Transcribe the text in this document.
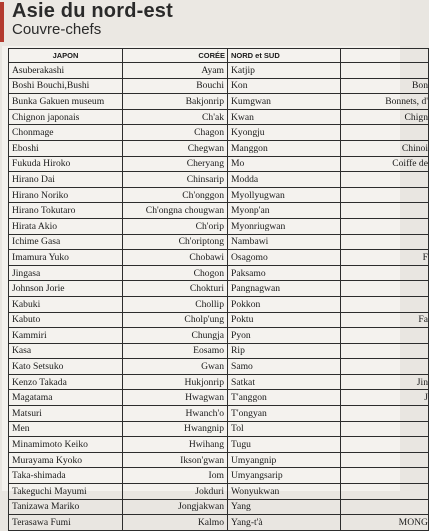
Asie du nord-est
Couvre-chefs
JAPON	CORÉE	NORD et SUD	
Asuberakashi	Ayam	Katjip	
Boshi Bouchi,Bushi	Bouchi	Kon	Bon
Bunka Gakuen museum	Bakjonrip	Kumgwan	Bonnets, d'
Chignon japonais	Ch'ak	Kwan	Chign
Chonmage	Chagon	Kyongju	
Eboshi	Chegwan	Manggon	Chinoi
Fukuda Hiroko	Cheryang	Mo	Coiffe de
Hirano Dai	Chinsarip	Modda	
Hirano Noriko	Ch'onggon	Myollyugwan	
Hirano Tokutaro	Ch'ongna chougwan	Myonp'an	
Hirata Akio	Ch'orip	Myonriugwan	
Ichime Gasa	Ch'oriptong	Nambawi	
Imamura Yuko	Chobawi	Osagomo	F
Jingasa	Chogon	Paksamo	
Johnson Jorie	Chokturi	Pangnagwan	
Kabuki	Chollip	Pokkon	
Kabuto	Cholp'ung	Poktu	Fa
Kammiri	Chungja	Pyon	
Kasa	Eosamo	Rip	
Kato Setsuko	Gwan	Samo	
Kenzo Takada	Hukjonrip	Satkat	Jin
Magatama	Hwagwan	T'anggon	J
Matsuri	Hwanch'o	T'ongyan	
Men	Hwangnip	Tol	
Minamimoto Keiko	Hwihang	Tugu	
Murayama Kyoko	Ikson'gwan	Umyangnip	
Taka-shimada	Iom	Umyangsarip	
Takeguchi Mayumi	Jokduri	Wonyukwan	
Tanizawa Mariko	Jongjakwan	Yang	
Terasawa Fumi	Kalmo	Yang-t'à	MONG
